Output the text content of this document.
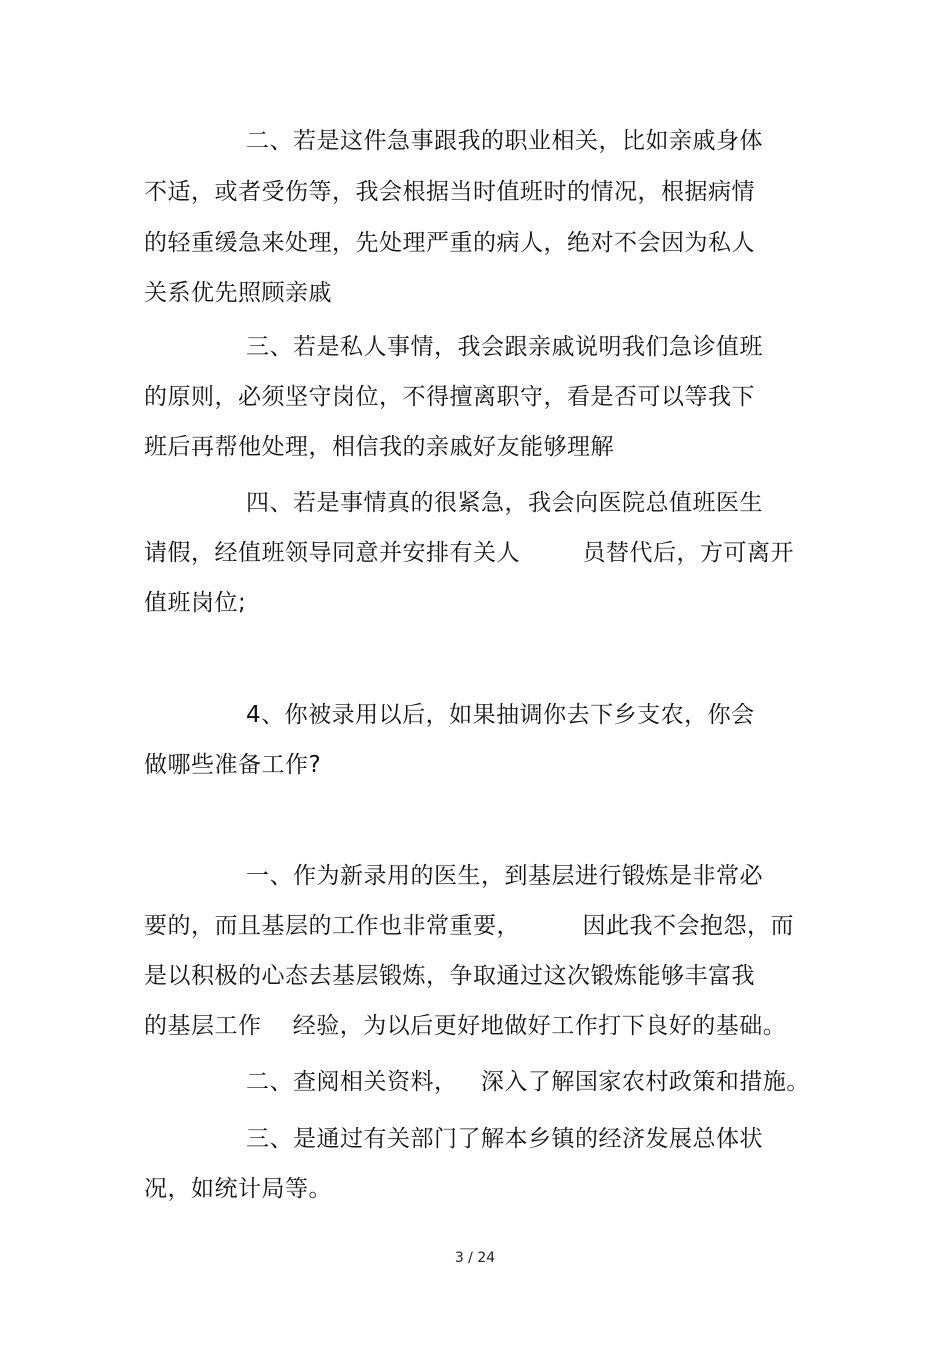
二、若是这件急事跟我的职业相关，比如亲戚身体
不适，或者受伤等，我会根据当时值班时的情况，根据病情
的轻重缓急来处理，先处理严重的病人，绝对不会因为私人
关系优先照顾亲戚
三、若是私人事情，我会跟亲戚说明我们急诊值班
的原则，必须坚守岗位，不得擅离职守，看是否可以等我下
班后再帮他处理，相信我的亲戚好友能够理解
四、若是事情真的很紧急，我会向医院总值班医生
请假，经值班领导同意并安排有关人        员替代后，方可离开
值班岗位;
4、你被录用以后，如果抽调你去下乡支农，你会
做哪些准备工作?
一、作为新录用的医生，到基层进行锻炼是非常必
要的，而且基层的工作也非常重要，        因此我不会抱怨，而
是以积极的心态去基层锻炼，争取通过这次锻炼能够丰富我
的基层工作    经验，为以后更好地做好工作打下良好的基础。
二、查阅相关资料，   深入了解国家农村政策和措施。
三、是通过有关部门了解本乡镇的经济发展总体状
况，如统计局等。
3 / 24
